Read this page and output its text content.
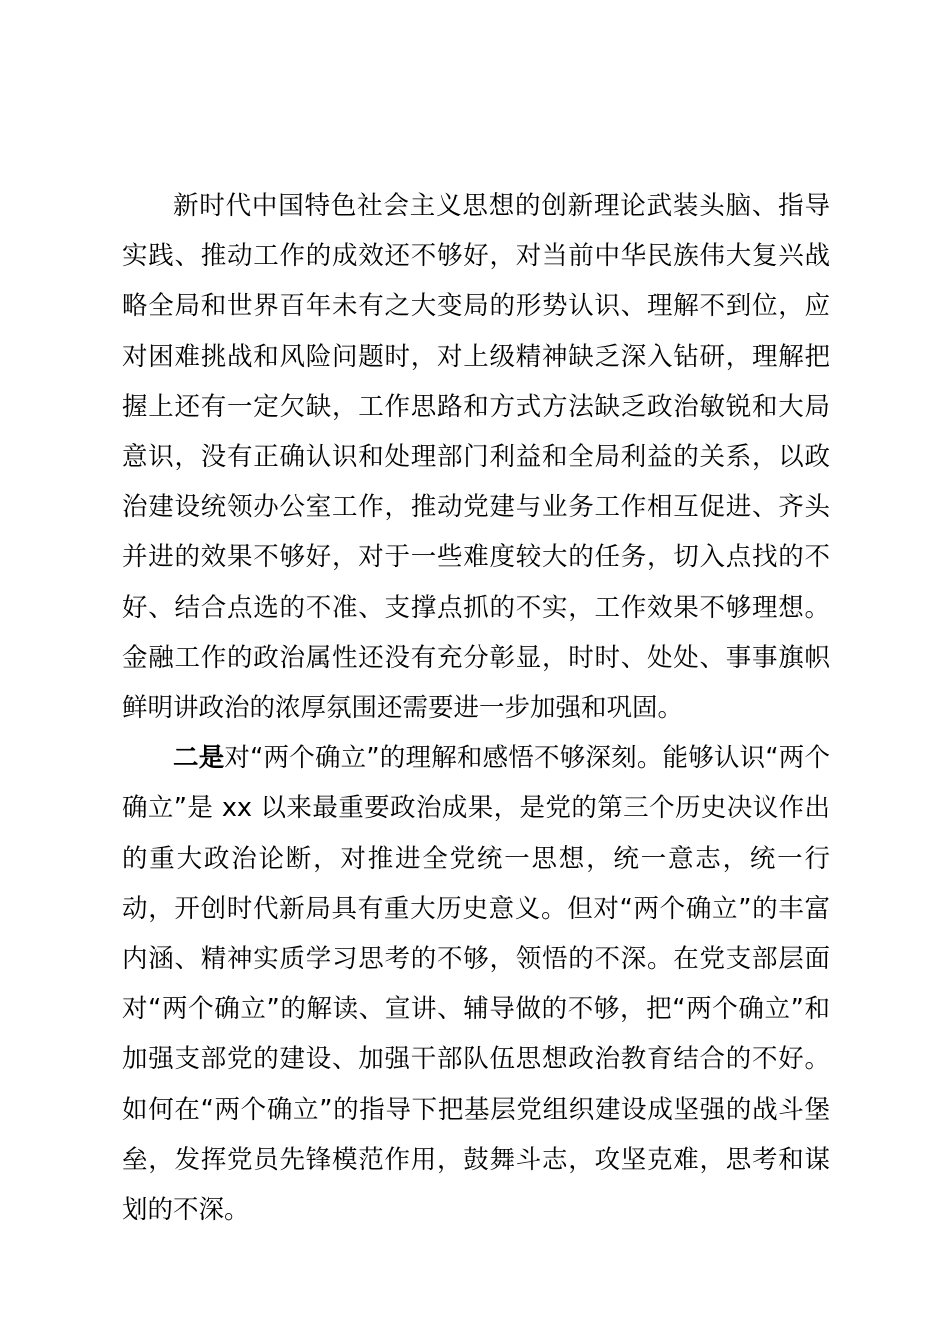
新时代中国特色社会主义思想的创新理论武装头脑、指导实践、推动工作的成效还不够好，对当前中华民族伟大复兴战略全局和世界百年未有之大变局的形势认识、理解不到位，应对困难挑战和风险问题时，对上级精神缺乏深入钻研，理解把握上还有一定欠缺，工作思路和方式方法缺乏政治敏锐和大局意识，没有正确认识和处理部门利益和全局利益的关系，以政治建设统领办公室工作，推动党建与业务工作相互促进、齐头并进的效果不够好，对于一些难度较大的任务，切入点找的不好、结合点选的不准、支撑点抓的不实，工作效果不够理想。金融工作的政治属性还没有充分彰显，时时、处处、事事旗帜鲜明讲政治的浓厚氛围还需要进一步加强和巩固。

二是对“两个确立”的理解和感悟不够深刻。能够认识“两个确立”是 xx 以来最重要政治成果，是党的第三个历史决议作出的重大政治论断，对推进全党统一思想，统一意志，统一行动，开创时代新局具有重大历史意义。但对“两个确立”的丰富内涵、精神实质学习思考的不够，领悟的不深。在党支部层面对“两个确立”的解读、宣讲、辅导做的不够，把“两个确立”和加强支部党的建设、加强干部队伍思想政治教育结合的不好。如何在“两个确立”的指导下把基层党组织建设成坚强的战斗堡垒，发挥党员先锋模范作用，鼓舞斗志，攻坚克难，思考和谋划的不深。
